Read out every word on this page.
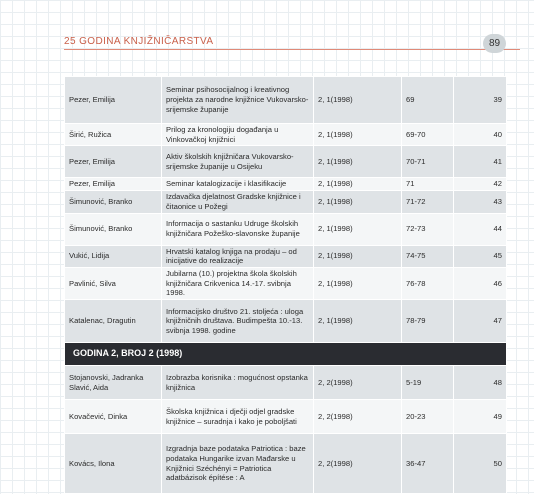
25 GODINA KNJIŽNIČARSTVA	89
Pezer, Emilija	Seminar psihosocijalnog i kreativnog projekta za narodne knjižnice Vukovarsko-srijemske županije	2, 1(1998)	69	39
Širić, Ružica	Prilog za kronologiju događanja u Vinkovačkoj knjižnici	2, 1(1998)	69-70	40
Pezer, Emilija	Aktiv školskih knjižničara Vukovarsko-srijemske županije u Osijeku	2, 1(1998)	70-71	41
Pezer, Emilija	Seminar katalogizacije i klasifikacije	2, 1(1998)	71	42
Šimunović, Branko	Izdavačka djelatnost Gradske knjižnice i čitaonice u Požegi	2, 1(1998)	71-72	43
Šimunović, Branko	Informacija o sastanku Udruge školskih knjižničara Požeško-slavonske županije	2, 1(1998)	72-73	44
Vukić, Lidija	Hrvatski katalog knjiga na prodaju – od inicijative do realizacije	2, 1(1998)	74-75	45
Pavlinić, Silva	Jubilarna (10.) projektna škola školskih knjižničara Crikvenica 14.-17. svibnja 1998.	2, 1(1998)	76-78	46
Katalenac, Dragutin	Informacijsko društvo 21. stoljeća : uloga knjižničnih društava. Budimpešta 10.-13. svibnja 1998. godine	2, 1(1998)	78-79	47
GODINA 2, BROJ 2 (1998)				
Stojanovski, Jadranka Slavić, Aida	Izobrazba korisnika : mogućnost opstanka knjižnica	2, 2(1998)	5-19	48
Kovačević, Dinka	Školska knjižnica i dječji odjel gradske knjižnice – suradnja i kako je poboljšati	2, 2(1998)	20-23	49
Kovács, Ilona	Izgradnja baze podataka Patriotica : baze podataka Hungarike izvan Mađarske u Knjižnici Széchényi = Patriotica adatbázisok építése : A	2, 2(1998)	36-47	50
